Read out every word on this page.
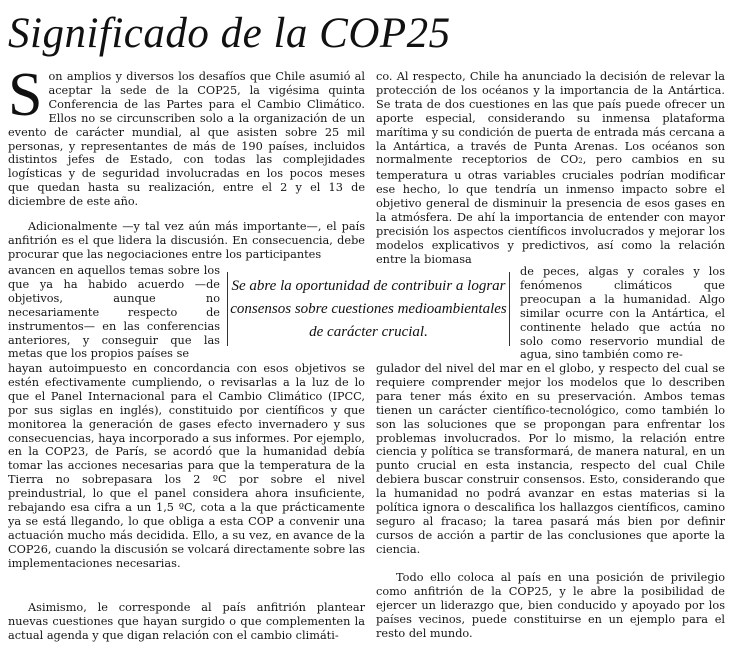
Significado de la COP25

Son amplios y diversos los desafíos que Chile asumió al aceptar la sede de la COP25, la vigésima quinta Conferencia de las Partes para el Cambio Climático. Ellos no se circunscriben solo a la organización de un evento de carácter mundial, al que asisten sobre 25 mil personas, y representantes de más de 190 países, incluidos distintos jefes de Estado, con todas las complejidades logísticas y de seguridad involucradas en los pocos meses que quedan hasta su realización, entre el 2 y el 13 de diciembre de este año.

Adicionalmente —y tal vez aún más importante—, el país anfitrión es el que lidera la discusión. En consecuencia, debe procurar que las negociaciones entre los participantes

avancen en aquellos temas sobre los que ya ha habido acuerdo —de objetivos, aunque no necesariamente respecto de instrumentos— en las conferencias anteriores, y conseguir que las metas que los propios países se

hayan autoimpuesto en concordancia con esos objetivos se estén efectivamente cumpliendo, o revisarlas a la luz de lo que el Panel Internacional para el Cambio Climático (IPCC, por sus siglas en inglés), constituido por científicos y que monitorea la generación de gases efecto invernadero y sus consecuencias, haya incorporado a sus informes. Por ejemplo, en la COP23, de París, se acordó que la humanidad debía tomar las acciones necesarias para que la temperatura de la Tierra no sobrepasara los 2 ºC por sobre el nivel preindustrial, lo que el panel considera ahora insuficiente, rebajando esa cifra a un 1,5 ºC, cota a la que prácticamente ya se está llegando, lo que obliga a esta COP a convenir una actuación mucho más decidida. Ello, a su vez, en avance de la COP26, cuando la discusión se volcará directamente sobre las implementaciones necesarias.

Asimismo, le corresponde al país anfitrión plantear nuevas cuestiones que hayan surgido o que complementen la actual agenda y que digan relación con el cambio climáti-

Se abre la oportunidad de contribuir a lograr consensos sobre cuestiones medioambientales de carácter crucial.

co. Al respecto, Chile ha anunciado la decisión de relevar la protección de los océanos y la importancia de la Antártica. Se trata de dos cuestiones en las que país puede ofrecer un aporte especial, considerando su inmensa plataforma marítima y su condición de puerta de entrada más cercana a la Antártica, a través de Punta Arenas. Los océanos son normalmente receptorios de CO2, pero cambios en su temperatura u otras variables cruciales podrían modificar ese hecho, lo que tendría un inmenso impacto sobre el objetivo general de disminuir la presencia de esos gases en la atmósfera. De ahí la importancia de entender con mayor precisión los aspectos científicos involucrados y mejorar los modelos explicativos y predictivos, así como la relación entre la biomasa

de peces, algas y corales y los fenómenos climáticos que preocupan a la humanidad. Algo similar ocurre con la Antártica, el continente helado que actúa no solo como reservorio mundial de agua, sino también como re-

gulador del nivel del mar en el globo, y respecto del cual se requiere comprender mejor los modelos que lo describen para tener más éxito en su preservación. Ambos temas tienen un carácter científico-tecnológico, como también lo son las soluciones que se propongan para enfrentar los problemas involucrados. Por lo mismo, la relación entre ciencia y política se transformará, de manera natural, en un punto crucial en esta instancia, respecto del cual Chile debiera buscar construir consensos. Esto, considerando que la humanidad no podrá avanzar en estas materias si la política ignora o descalifica los hallazgos científicos, camino seguro al fracaso; la tarea pasará más bien por definir cursos de acción a partir de las conclusiones que aporte la ciencia.

Todo ello coloca al país en una posición de privilegio como anfitrión de la COP25, y le abre la posibilidad de ejercer un liderazgo que, bien conducido y apoyado por los países vecinos, puede constituirse en un ejemplo para el resto del mundo.
